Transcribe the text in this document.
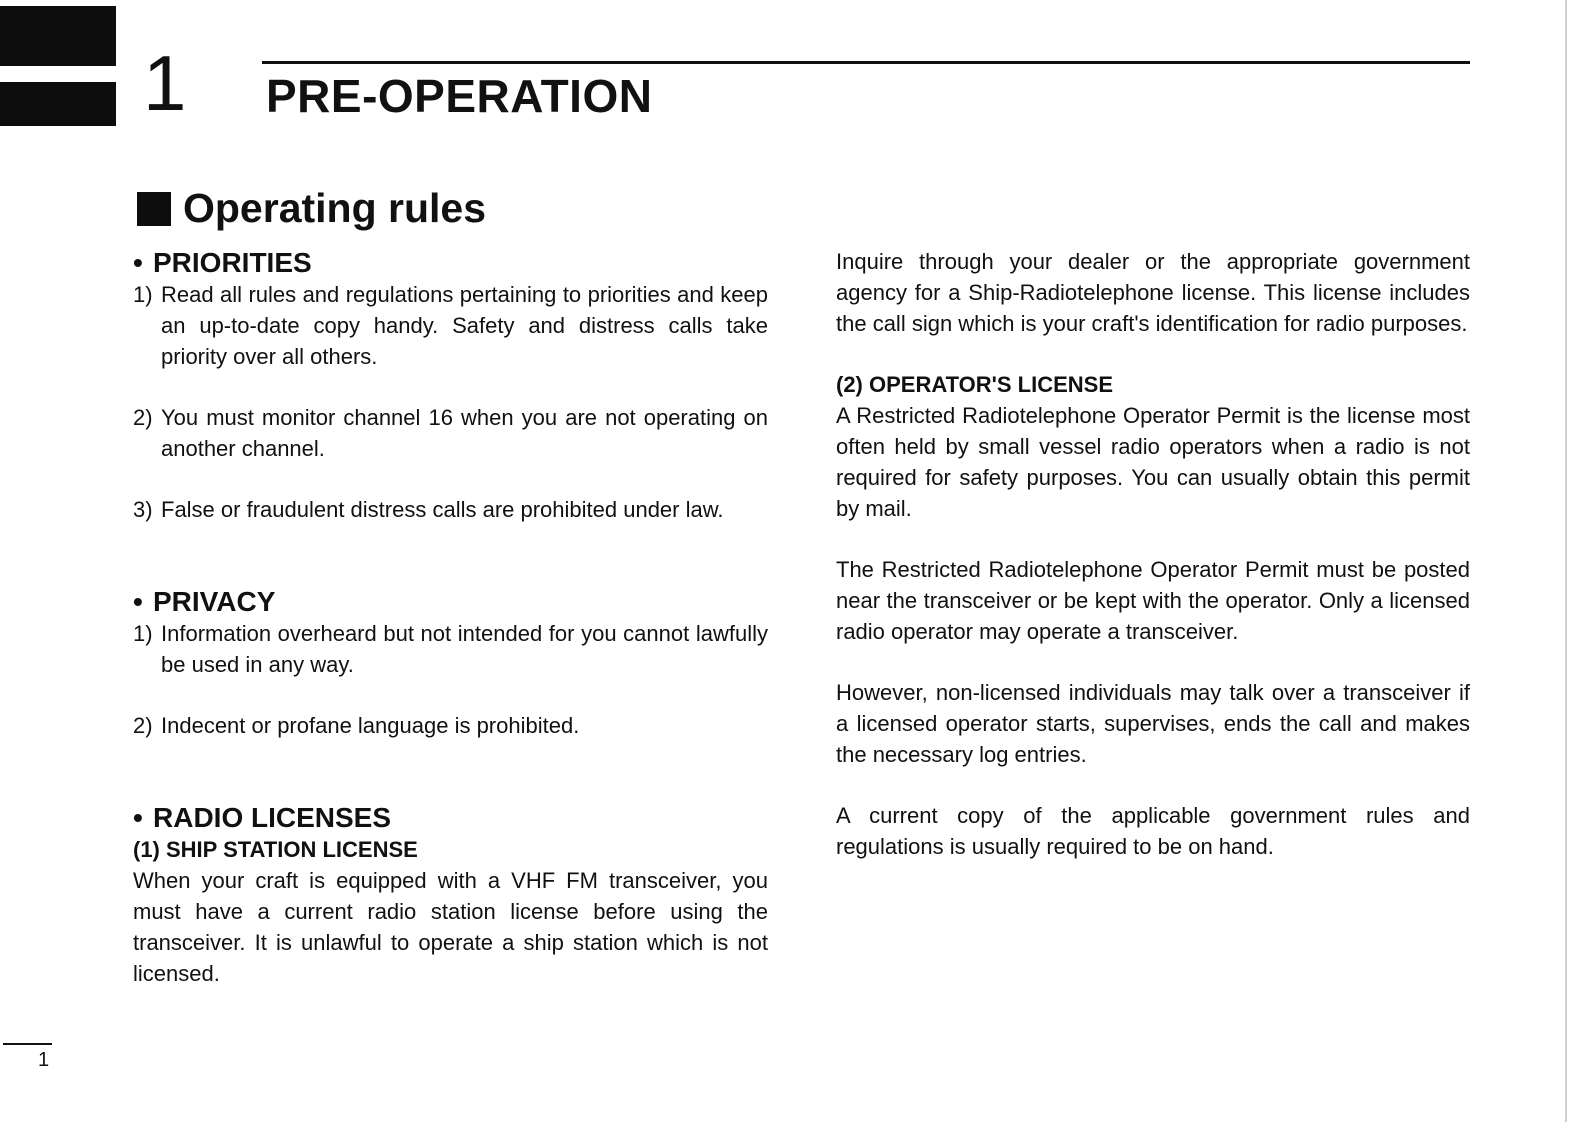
1 PRE-OPERATION
Operating rules
• PRIORITIES
1) Read all rules and regulations pertaining to priorities and keep an up-to-date copy handy. Safety and distress calls take priority over all others.
2) You must monitor channel 16 when you are not operating on another channel.
3) False or fraudulent distress calls are prohibited under law.
• PRIVACY
1) Information overheard but not intended for you cannot lawfully be used in any way.
2) Indecent or profane language is prohibited.
• RADIO LICENSES
(1) SHIP STATION LICENSE
When your craft is equipped with a VHF FM transceiver, you must have a current radio station license before using the transceiver. It is unlawful to operate a ship station which is not licensed.
Inquire through your dealer or the appropriate government agency for a Ship-Radiotelephone license. This license includes the call sign which is your craft's identification for radio purposes.
(2) OPERATOR'S LICENSE
A Restricted Radiotelephone Operator Permit is the license most often held by small vessel radio operators when a radio is not required for safety purposes. You can usually obtain this permit by mail.
The Restricted Radiotelephone Operator Permit must be posted near the transceiver or be kept with the operator. Only a licensed radio operator may operate a transceiver.
However, non-licensed individuals may talk over a transceiver if a licensed operator starts, supervises, ends the call and makes the necessary log entries.
A current copy of the applicable government rules and regulations is usually required to be on hand.
1
